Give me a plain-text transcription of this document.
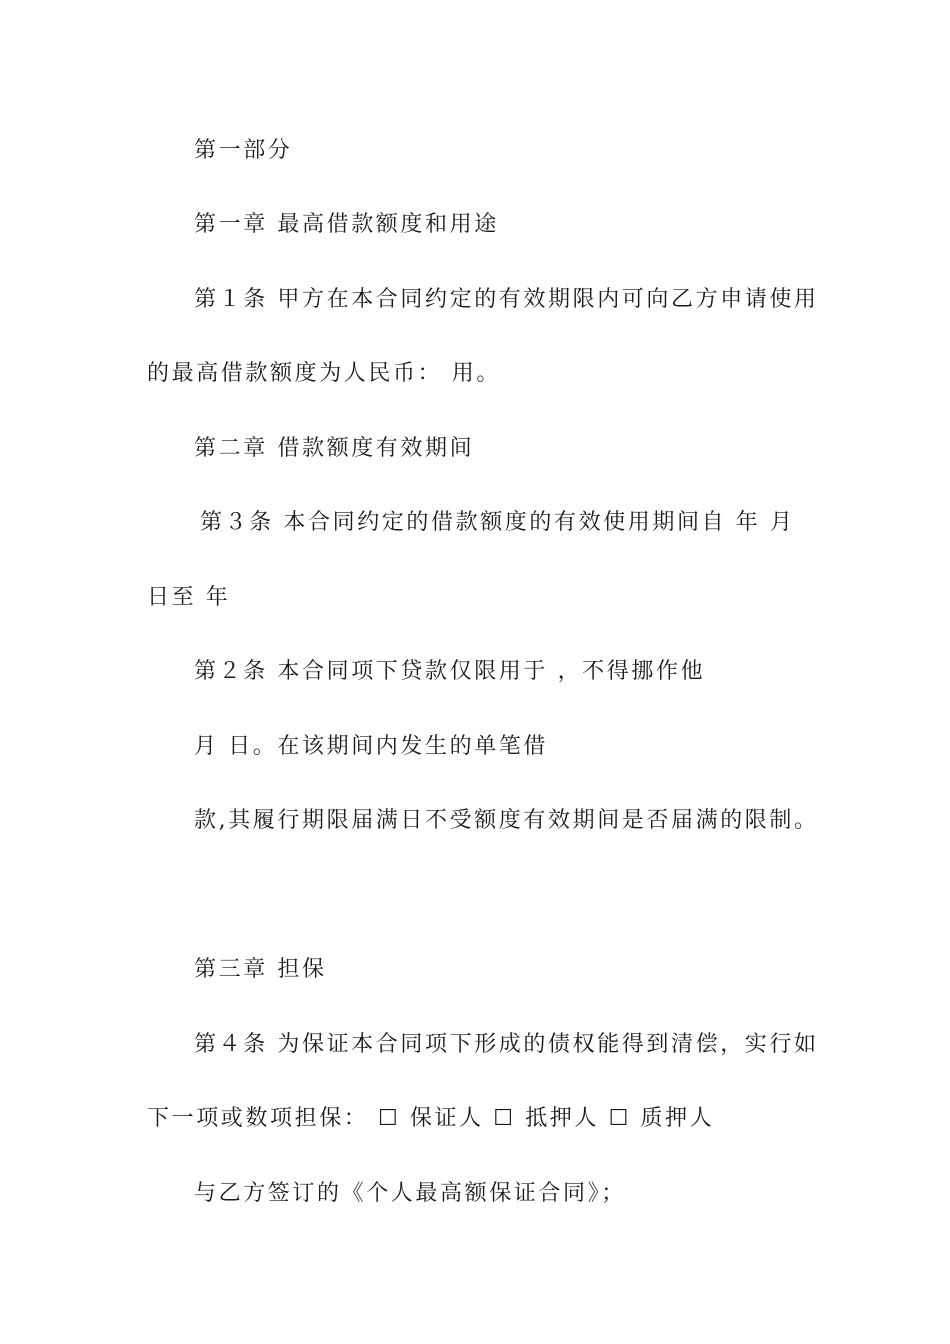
第一部分
第一章 最高借款额度和用途
第１条 甲方在本合同约定的有效期限内可向乙方申请使用
的最高借款额度为人民币： 用。
第二章 借款额度有效期间
第３条 本合同约定的借款额度的有效使用期间自 年 月
日至 年
第２条 本合同项下贷款仅限用于 ，不得挪作他
月 日。在该期间内发生的单笔借
款,其履行期限届满日不受额度有效期间是否届满的限制。
第三章 担保
第４条 为保证本合同项下形成的债权能得到清偿，实行如
下一项或数项担保： ☐ 保证人 ☐ 抵押人 ☐ 质押人
与乙方签订的《个人最高额保证合同》；
